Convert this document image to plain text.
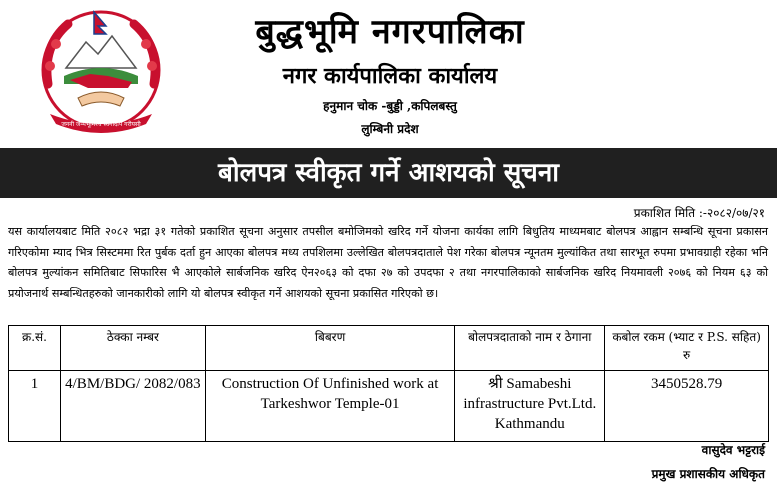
जननी जन्मभूमिश्च स्वर्गादपि गरीयसी
बुद्धभूमि नगरपालिका
नगर कार्यपालिका कार्यालय
हनुमान चोक -बुड्डी ,कपिलबस्तु
लुम्बिनी प्रदेश
बोलपत्र स्वीकृत गर्ने आशयको सूचना
प्रकाशित मिति :-२०८२/०७/२१
यस कार्यालयबाट मिति २०८२ भद्रा ३१ गतेको प्रकाशित सूचना अनुसार तपसील बमोजिमको खरिद गर्ने योजना कार्यका लागि बिधुतिय माध्यमबाट बोलपत्र आह्वान सम्बन्धि सूचना प्रकासन गरिएकोमा म्याद भित्र सिस्टममा रित पुर्बक दर्ता हुन आएका बोलपत्र मध्य तपशिलमा उल्लेखित बोलपत्रदाताले पेश गरेका बोलपत्र न्यूनतम मुल्यांकित तथा सारभूत रुपमा प्रभावग्राही रहेका भनि बोलपत्र मुल्यांकन समितिबाट सिफारिस भै आएकोले सार्बजनिक खरिद ऐन२०६३ को दफा २७ को उपदफा २ तथा नगरपालिकाको सार्बजनिक खरिद नियमावली २०७६ को नियम ६३ को प्रयोजनार्थ सम्बन्धितहरुको जानकारीको लागि यो बोलपत्र स्वीकृत गर्ने आशयको सूचना प्रकासित गरिएको छ।
क्र.सं.	ठेक्का नम्बर	बिबरण	बोलपत्रदाताको नाम र ठेगाना	कबोल रकम (भ्याट र P.S. सहित) रु
1	4/BM/BDG/ 2082/083	Construction Of Unfinished work at Tarkeshwor Temple-01	श्री Samabeshi infrastructure Pvt.Ltd. Kathmandu	3450528.79
वासुदेव भट्टराई
प्रमुख प्रशासकीय अधिकृत
